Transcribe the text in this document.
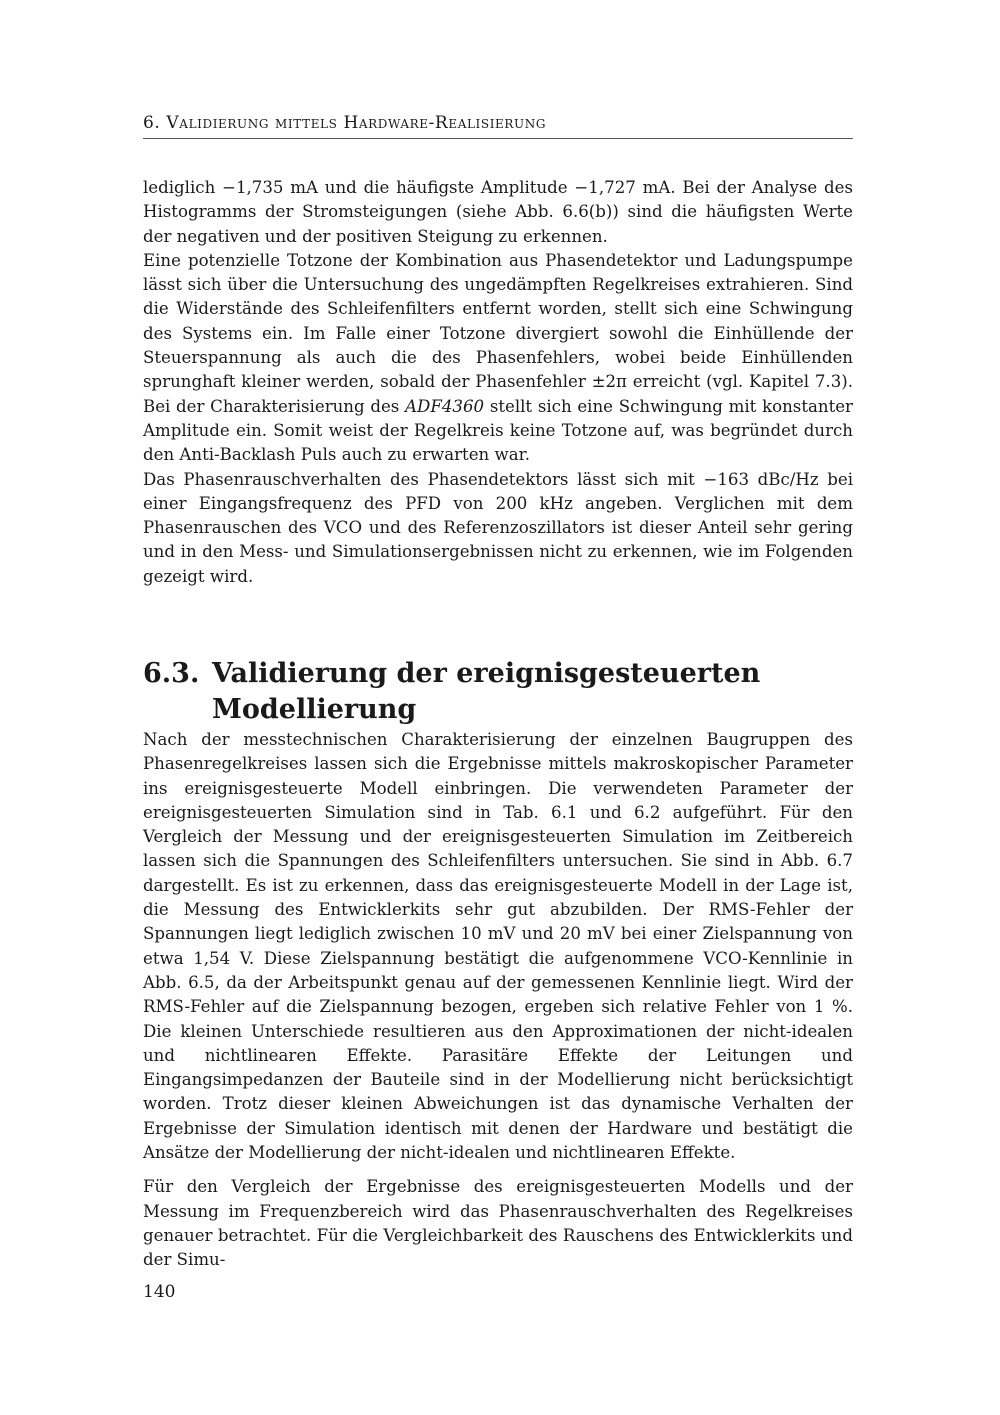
6. Validierung mittels Hardware-Realisierung

lediglich −1,735 mA und die häufigste Amplitude −1,727 mA. Bei der Analyse des Histogramms der Stromsteigungen (siehe Abb. 6.6(b)) sind die häufigsten Werte der negativen und der positiven Steigung zu erkennen.

Eine potenzielle Totzone der Kombination aus Phasendetektor und Ladungspumpe lässt sich über die Untersuchung des ungedämpften Regelkreises extrahieren. Sind die Widerstände des Schleifenfilters entfernt worden, stellt sich eine Schwingung des Systems ein. Im Falle einer Totzone divergiert sowohl die Einhüllende der Steuerspannung als auch die des Phasenfehlers, wobei beide Einhüllenden sprunghaft kleiner werden, sobald der Phasenfehler ±2π erreicht (vgl. Kapitel 7.3). Bei der Charakterisierung des ADF4360 stellt sich eine Schwingung mit konstanter Amplitude ein. Somit weist der Regelkreis keine Totzone auf, was begründet durch den Anti-Backlash Puls auch zu erwarten war.

Das Phasenrauschverhalten des Phasendetektors lässt sich mit −163 dBc/Hz bei einer Eingangsfrequenz des PFD von 200 kHz angeben. Verglichen mit dem Phasenrauschen des VCO und des Referenzoszillators ist dieser Anteil sehr gering und in den Mess- und Simulationsergebnissen nicht zu erkennen, wie im Folgenden gezeigt wird.

6.3. Validierung der ereignisgesteuerten Modellierung

Nach der messtechnischen Charakterisierung der einzelnen Baugruppen des Phasenregelkreises lassen sich die Ergebnisse mittels makroskopischer Parameter ins ereignisgesteuerte Modell einbringen. Die verwendeten Parameter der ereignisgesteuerten Simulation sind in Tab. 6.1 und 6.2 aufgeführt. Für den Vergleich der Messung und der ereignisgesteuerten Simulation im Zeitbereich lassen sich die Spannungen des Schleifenfilters untersuchen. Sie sind in Abb. 6.7 dargestellt. Es ist zu erkennen, dass das ereignisgesteuerte Modell in der Lage ist, die Messung des Entwicklerkits sehr gut abzubilden. Der RMS-Fehler der Spannungen liegt lediglich zwischen 10 mV und 20 mV bei einer Zielspannung von etwa 1,54 V. Diese Zielspannung bestätigt die aufgenommene VCO-Kennlinie in Abb. 6.5, da der Arbeitspunkt genau auf der gemessenen Kennlinie liegt. Wird der RMS-Fehler auf die Zielspannung bezogen, ergeben sich relative Fehler von 1 %. Die kleinen Unterschiede resultieren aus den Approximationen der nicht-idealen und nichtlinearen Effekte. Parasitäre Effekte der Leitungen und Eingangsimpedanzen der Bauteile sind in der Modellierung nicht berücksichtigt worden. Trotz dieser kleinen Abweichungen ist das dynamische Verhalten der Ergebnisse der Simulation identisch mit denen der Hardware und bestätigt die Ansätze der Modellierung der nicht-idealen und nichtlinearen Effekte.

Für den Vergleich der Ergebnisse des ereignisgesteuerten Modells und der Messung im Frequenzbereich wird das Phasenrauschverhalten des Regelkreises genauer betrachtet. Für die Vergleichbarkeit des Rauschens des Entwicklerkits und der Simu-

140
